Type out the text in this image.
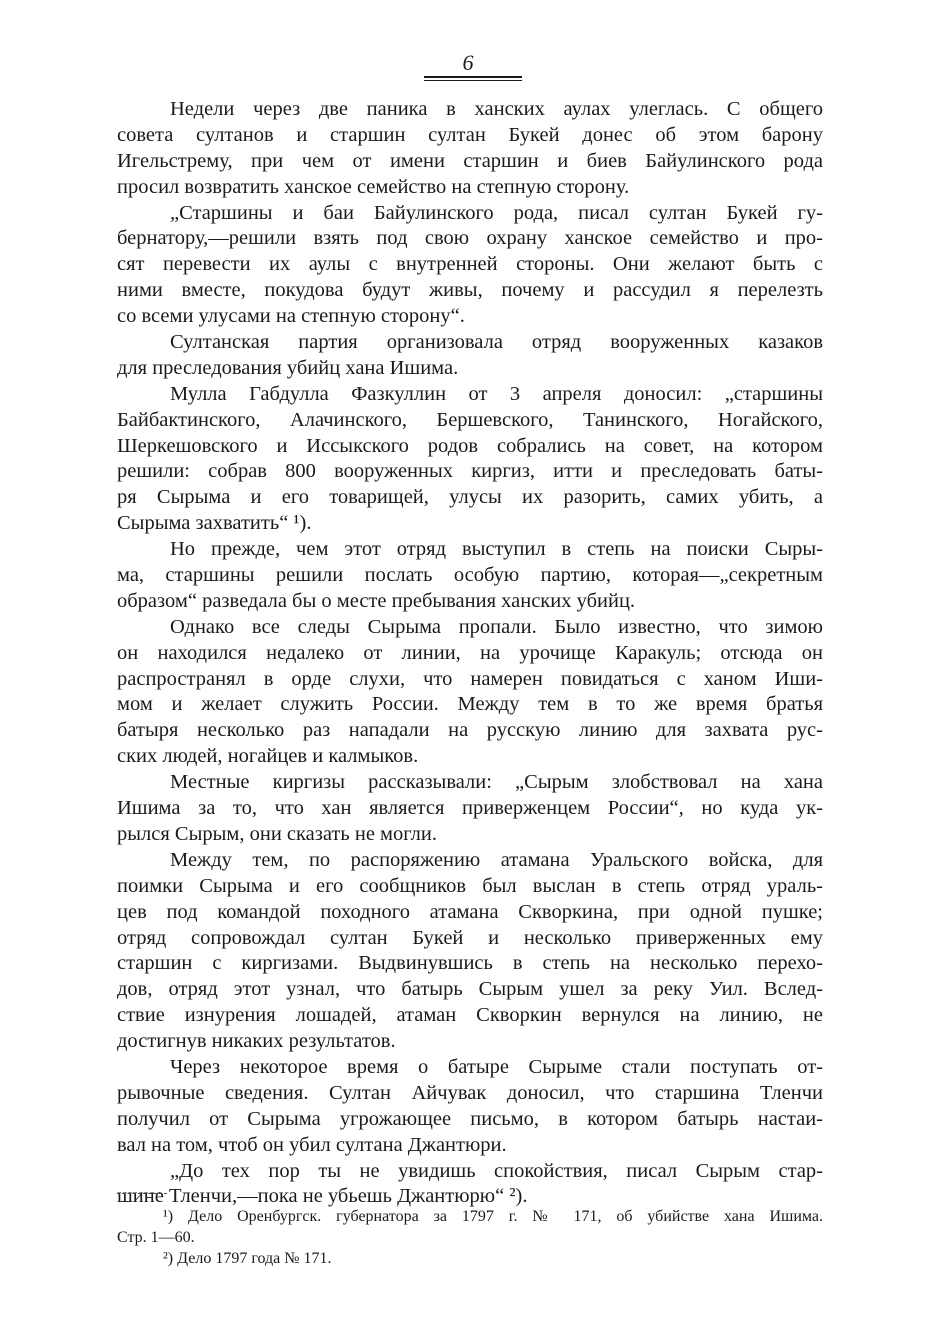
6
Недели через две паника в ханских аулах улеглась. С общего
совета султанов и старшин султан Букей донес об этом барону
Игельстрему, при чем от имени старшин и биев Байулинского рода
просил возвратить ханское семейство на степную сторону.
„Старшины и баи Байулинского рода, писал султан Букей гу-
бернатору,—решили взять под свою охрану ханское семейство и про-
сят перевести их аулы с внутренней стороны. Они желают быть с
ними вместе, покудова будут живы, почему и рассудил я перелезть
со всеми улусами на степную сторону“.
Султанская партия организовала отряд вооруженных казаков
для преследования убийц хана Ишима.
Мулла Габдулла Фазкуллин от 3 апреля доносил: „старшины
Байбактинского, Алачинского, Бершевского, Танинского, Ногайского,
Шеркешовского и Иссыкского родов собрались на совет, на котором
решили: собрав 800 вооруженных киргиз, итти и преследовать баты-
ря Сырыма и его товарищей, улусы их разорить, самих убить, а
Сырыма захватить“ ¹).
Но прежде, чем этот отряд выступил в степь на поиски Сыры-
ма, старшины решили послать особую партию, которая—„секретным
образом“ разведала бы о месте пребывания ханских убийц.
Однако все следы Сырыма пропали. Было известно, что зимою
он находился недалеко от линии, на урочище Каракуль; отсюда он
распространял в орде слухи, что намерен повидаться с ханом Иши-
мом и желает служить России. Между тем в то же время братья
батыря несколько раз нападали на русскую линию для захвата рус-
ских людей, ногайцев и калмыков.
Местные киргизы рассказывали: „Сырым злобствовал на хана
Ишима за то, что хан является приверженцем России“, но куда ук-
рылся Сырым, они сказать не могли.
Между тем, по распоряжению атамана Уральского войска, для
поимки Сырыма и его сообщников был выслан в степь отряд ураль-
цев под командой походного атамана Скворкина, при одной пушке;
отряд сопровождал султан Букей и несколько приверженных ему
старшин с киргизами. Выдвинувшись в степь на несколько перехо-
дов, отряд этот узнал, что батырь Сырым ушел за реку Уил. Вслед-
ствие изнурения лошадей, атаман Скворкин вернулся на линию, не
достигнув никаких результатов.
Через некоторое время о батыре Сырыме стали поступать от-
рывочные сведения. Султан Айчувак доносил, что старшина Тленчи
получил от Сырыма угрожающее письмо, в котором батырь настаи-
вал на том, чтоб он убил султана Джантюри.
„До тех пор ты не увидишь спокойствия, писал Сырым стар-
шине Тленчи,—пока не убьешь Джантюрю“ ²).
¹) Дело Оренбургск. губернатора за 1797 г. № 171, об убийстве хана Ишима.
Стр. 1—60.
²) Дело 1797 года № 171.
